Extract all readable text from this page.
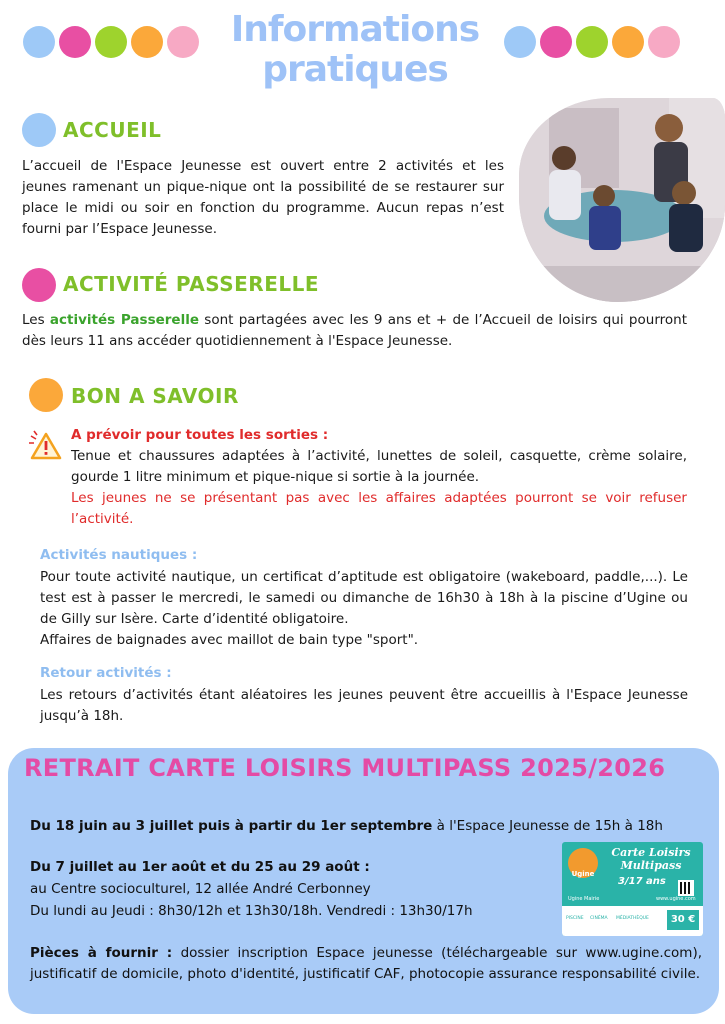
Informations
pratiques
ACCUEIL

L’accueil de l'Espace Jeunesse est ouvert entre 2 activités et les jeunes ramenant un pique-nique ont la possibilité de se restaurer sur place le midi ou soir en fonction du programme. Aucun repas n’est fourni par l’Espace Jeunesse.

ACTIVITÉ PASSERELLE

Les activités Passerelle sont partagées avec les 9 ans et + de l’Accueil de loisirs qui pourront dès leurs 11 ans accéder quotidiennement à l'Espace Jeunesse.

BON A SAVOIR
A prévoir pour toutes les sorties :

Tenue et chaussures adaptées à l’activité, lunettes de soleil, casquette, crème solaire, gourde 1 litre minimum et pique-nique si sortie à la journée.

Les jeunes ne se présentant pas avec les affaires adaptées pourront se voir refuser l’activité.

Activités nautiques :

Pour toute activité nautique, un certificat d’aptitude est obligatoire (wakeboard, paddle,...). Le test est à passer le mercredi, le samedi ou dimanche de 16h30 à 18h à la piscine d’Ugine ou de Gilly sur Isère. Carte d’identité obligatoire.

Affaires de baignades avec maillot de bain type "sport".

Retour activités :

Les retours d’activités étant aléatoires les jeunes peuvent être accueillis à l'Espace Jeunesse jusqu’à 18h.

RETRAIT CARTE LOISIRS MULTIPASS 2025/2026
Du 18 juin au 3 juillet puis à partir du 1er septembre à l'Espace Jeunesse de 15h à 18h
Du 7 juillet au 1er août et du 25 au 29 août :
au Centre socioculturel, 12 allée André Cerbonney
Du lundi au Jeudi : 8h30/12h et 13h30/18h. Vendredi : 13h30/17h

Pièces à fournir : dossier inscription Espace jeunesse (téléchargeable sur www.ugine.com), justificatif de domicile, photo d'identité, justificatif CAF, photocopie assurance responsabilité civile.

Ugine
Carte Loisirs Multipass
3/17 ans
Ugine Mairie	www.ugine.com
PISCINE CINÉMA MÉDIATHÈQUE	30 €
